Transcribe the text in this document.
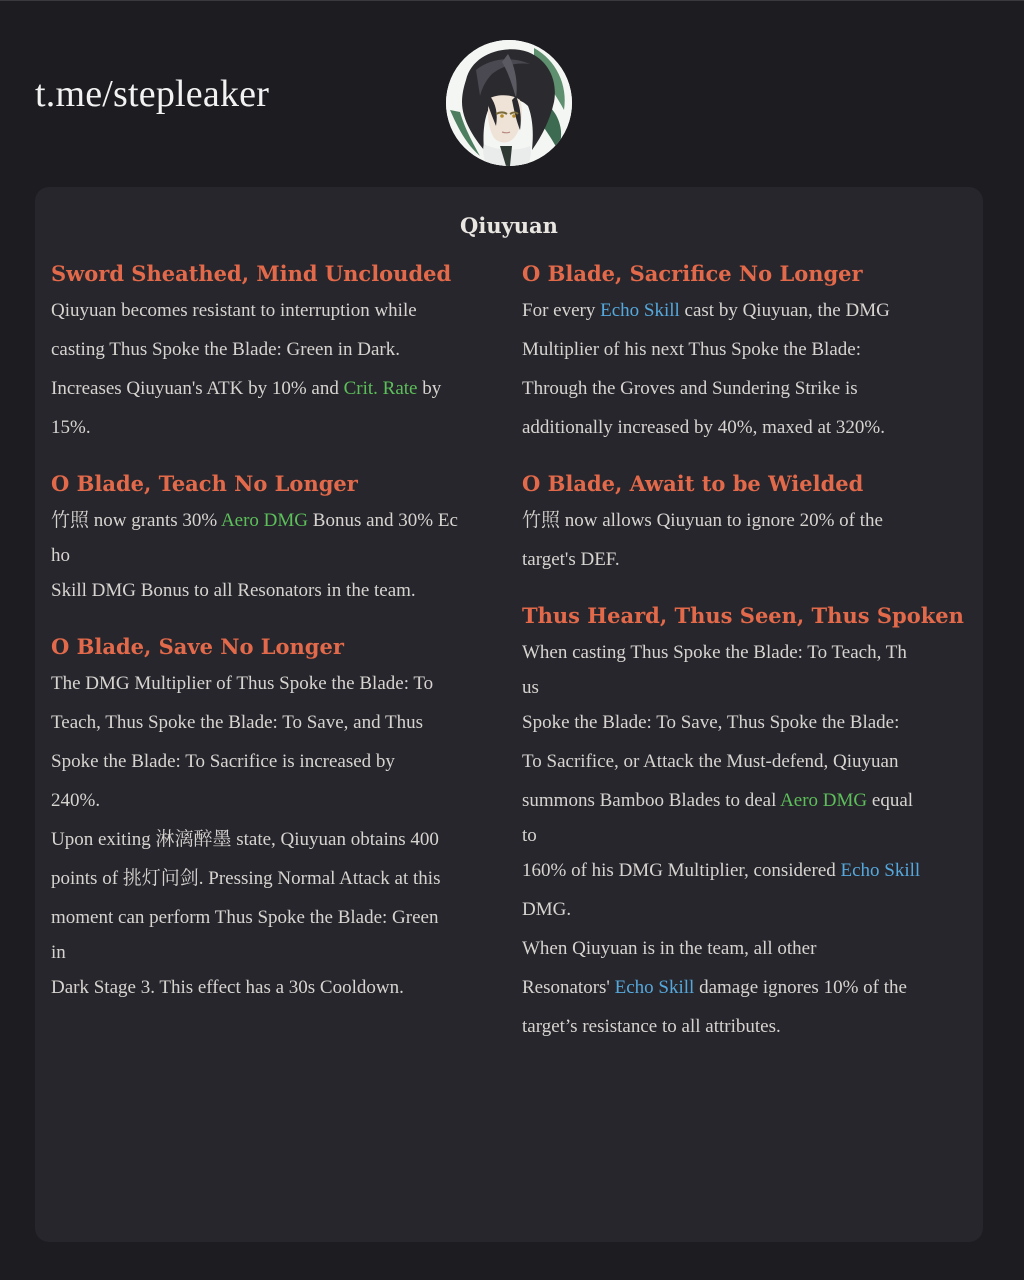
t.me/stepleaker
Qiuyuan
Sword Sheathed, Mind Unclouded
Qiuyuan becomes resistant to interruption while
casting Thus Spoke the Blade: Green in Dark.
Increases Qiuyuan's ATK by 10% and Crit. Rate by
15%.
O Blade, Teach No Longer
竹照 now grants 30% Aero DMG Bonus and 30% Ec
ho
Skill DMG Bonus to all Resonators in the team.
O Blade, Save No Longer
The DMG Multiplier of Thus Spoke the Blade: To
Teach, Thus Spoke the Blade: To Save, and Thus
Spoke the Blade: To Sacrifice is increased by
240%.
Upon exiting 淋漓醉墨 state, Qiuyuan obtains 400
points of 挑灯问剑. Pressing Normal Attack at this
moment can perform Thus Spoke the Blade: Green
in
Dark Stage 3. This effect has a 30s Cooldown.
O Blade, Sacrifice No Longer
For every Echo Skill cast by Qiuyuan, the DMG
Multiplier of his next Thus Spoke the Blade:
Through the Groves and Sundering Strike is
additionally increased by 40%, maxed at 320%.
O Blade, Await to be Wielded
竹照 now allows Qiuyuan to ignore 20% of the
target's DEF.
Thus Heard, Thus Seen, Thus Spoken
When casting Thus Spoke the Blade: To Teach, Th
us
Spoke the Blade: To Save, Thus Spoke the Blade:
To Sacrifice, or Attack the Must-defend, Qiuyuan
summons Bamboo Blades to deal Aero DMG equal
to
160% of his DMG Multiplier, considered Echo Skill
DMG.
When Qiuyuan is in the team, all other
Resonators' Echo Skill damage ignores 10% of the
target’s resistance to all attributes.
